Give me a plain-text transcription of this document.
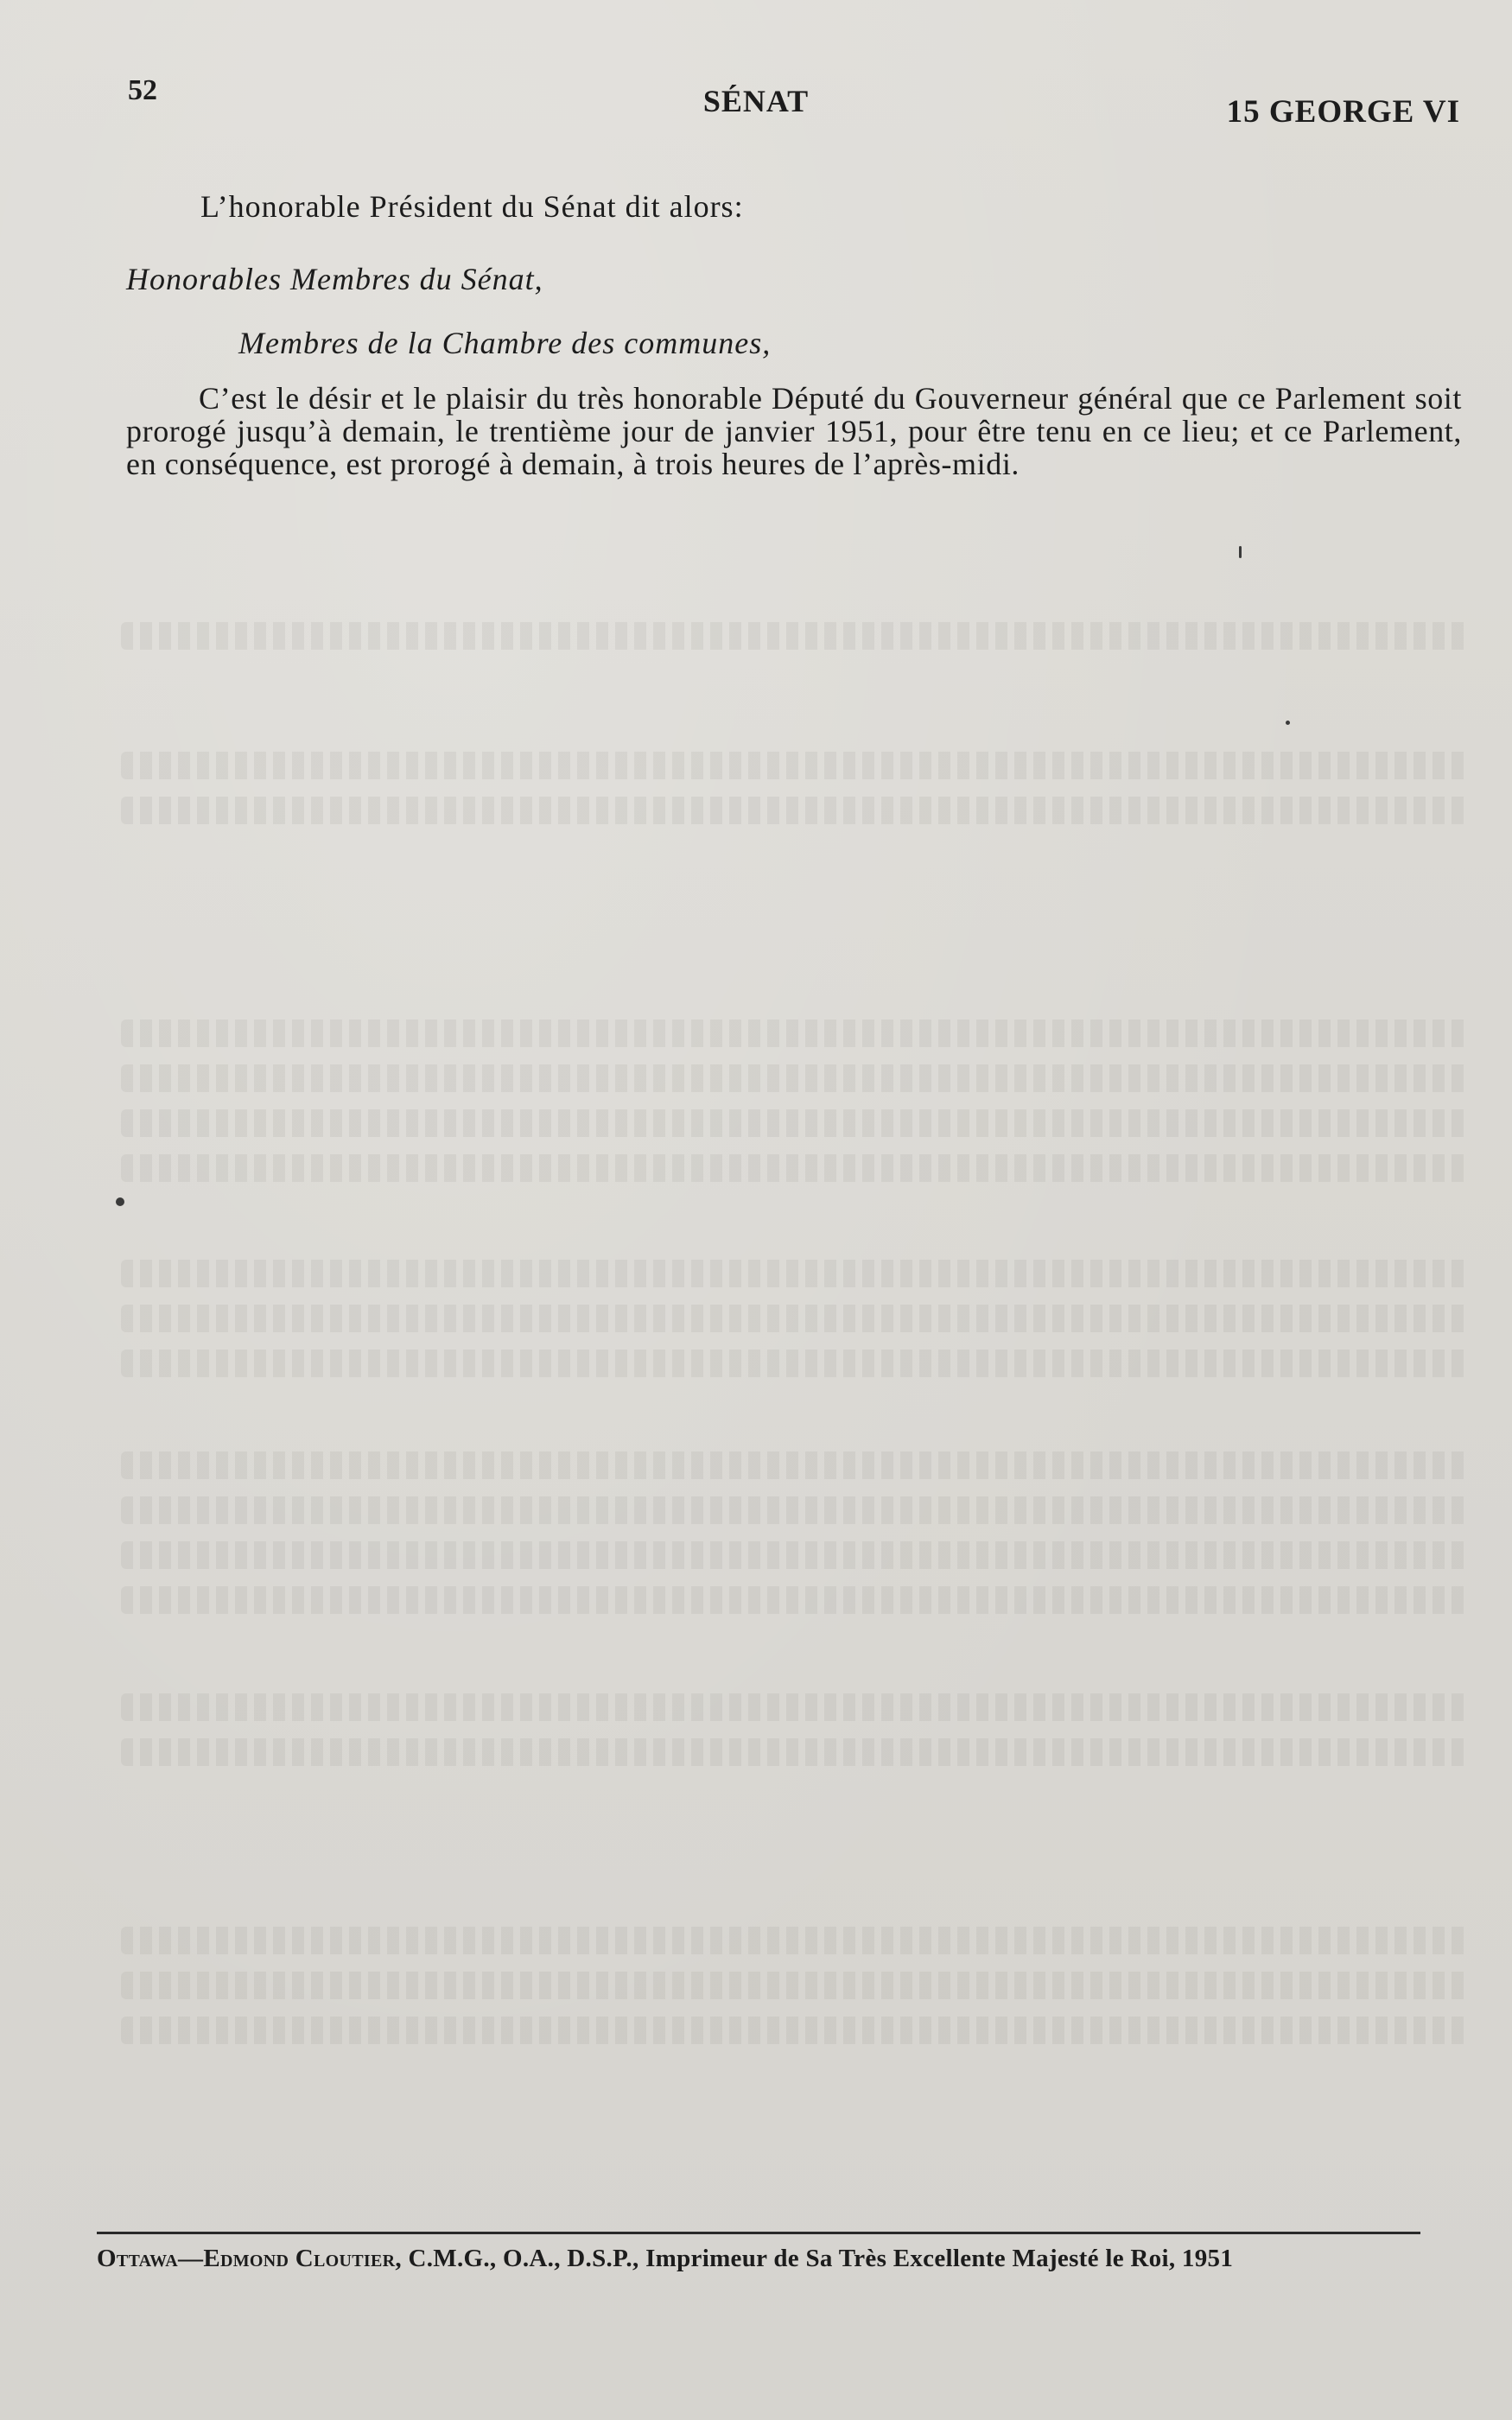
52	SÉNAT	15 GEORGE VI
L’honorable Président du Sénat dit alors:
Honorables Membres du Sénat,
Membres de la Chambre des communes,
C’est le désir et le plaisir du très honorable Député du Gouverneur général que ce Parlement soit prorogé jusqu’à demain, le trentième jour de janvier 1951, pour être tenu en ce lieu; et ce Parlement, en conséquence, est prorogé à demain, à trois heures de l’après-midi.
Ottawa—Edmond Cloutier, C.M.G., O.A., D.S.P., Imprimeur de Sa Très Excellente Majesté le Roi, 1951
